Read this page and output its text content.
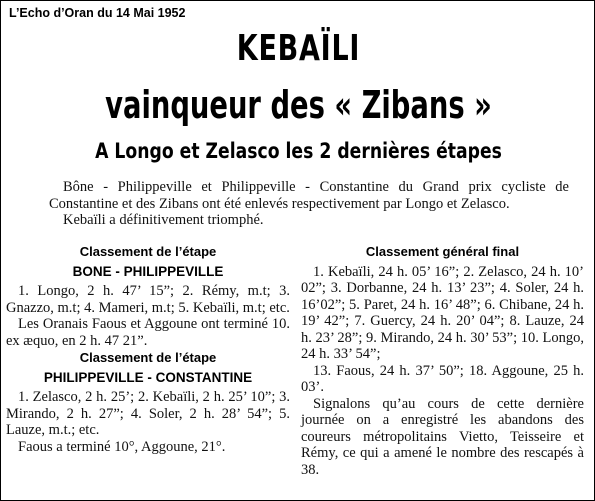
L’Echo d’Oran du 14 Mai 1952
KEBAÏLI
vainqueur des « Zibans »
A Longo et Zelasco les 2 dernières étapes

Bône - Philippeville et Philippeville - Constantine du Grand prix cycliste de Constantine et des Zibans ont été enlevés respectivement par Longo et Zelasco.

Kebaïli a définitivement triomphé.

Classement de l’étape
BONE - PHILIPPEVILLE

1. Longo, 2 h. 47’ 15”; 2. Rémy, m.t; 3. Gnazzo, m.t; 4. Mameri, m.t; 5. Kebaïli, m.t; etc.

Les Oranais Faous et Aggoune ont terminé 10. ex æquo, en 2 h. 47 21”.

Classement de l’étape
PHILIPPEVILLE - CONSTANTINE

1. Zelasco, 2 h. 25’; 2. Kebaïli, 2 h. 25’ 10”; 3. Mirando, 2 h. 27”; 4. Soler, 2 h. 28’ 54”; 5. Lauze, m.t.; etc.

Faous a terminé 10°, Aggoune, 21°.

Classement général final

1. Kebaïli, 24 h. 05’ 16”; 2. Zelasco, 24 h. 10’ 02”; 3. Dorbanne, 24 h. 13’ 23”; 4. Soler, 24 h. 16’02”; 5. Paret, 24 h. 16’ 48”; 6. Chibane, 24 h. 19’ 42”; 7. Guercy, 24 h. 20’ 04”; 8. Lauze, 24 h. 23’ 28”; 9. Mirando, 24 h. 30’ 53”; 10. Longo, 24 h. 33’ 54”;

13. Faous, 24 h. 37’ 50”; 18. Aggoune, 25 h. 03’.

Signalons qu’au cours de cette dernière journée on a enregistré les abandons des coureurs métropolitains Vietto, Teisseire et Rémy, ce qui a amené le nombre des rescapés à 38.
